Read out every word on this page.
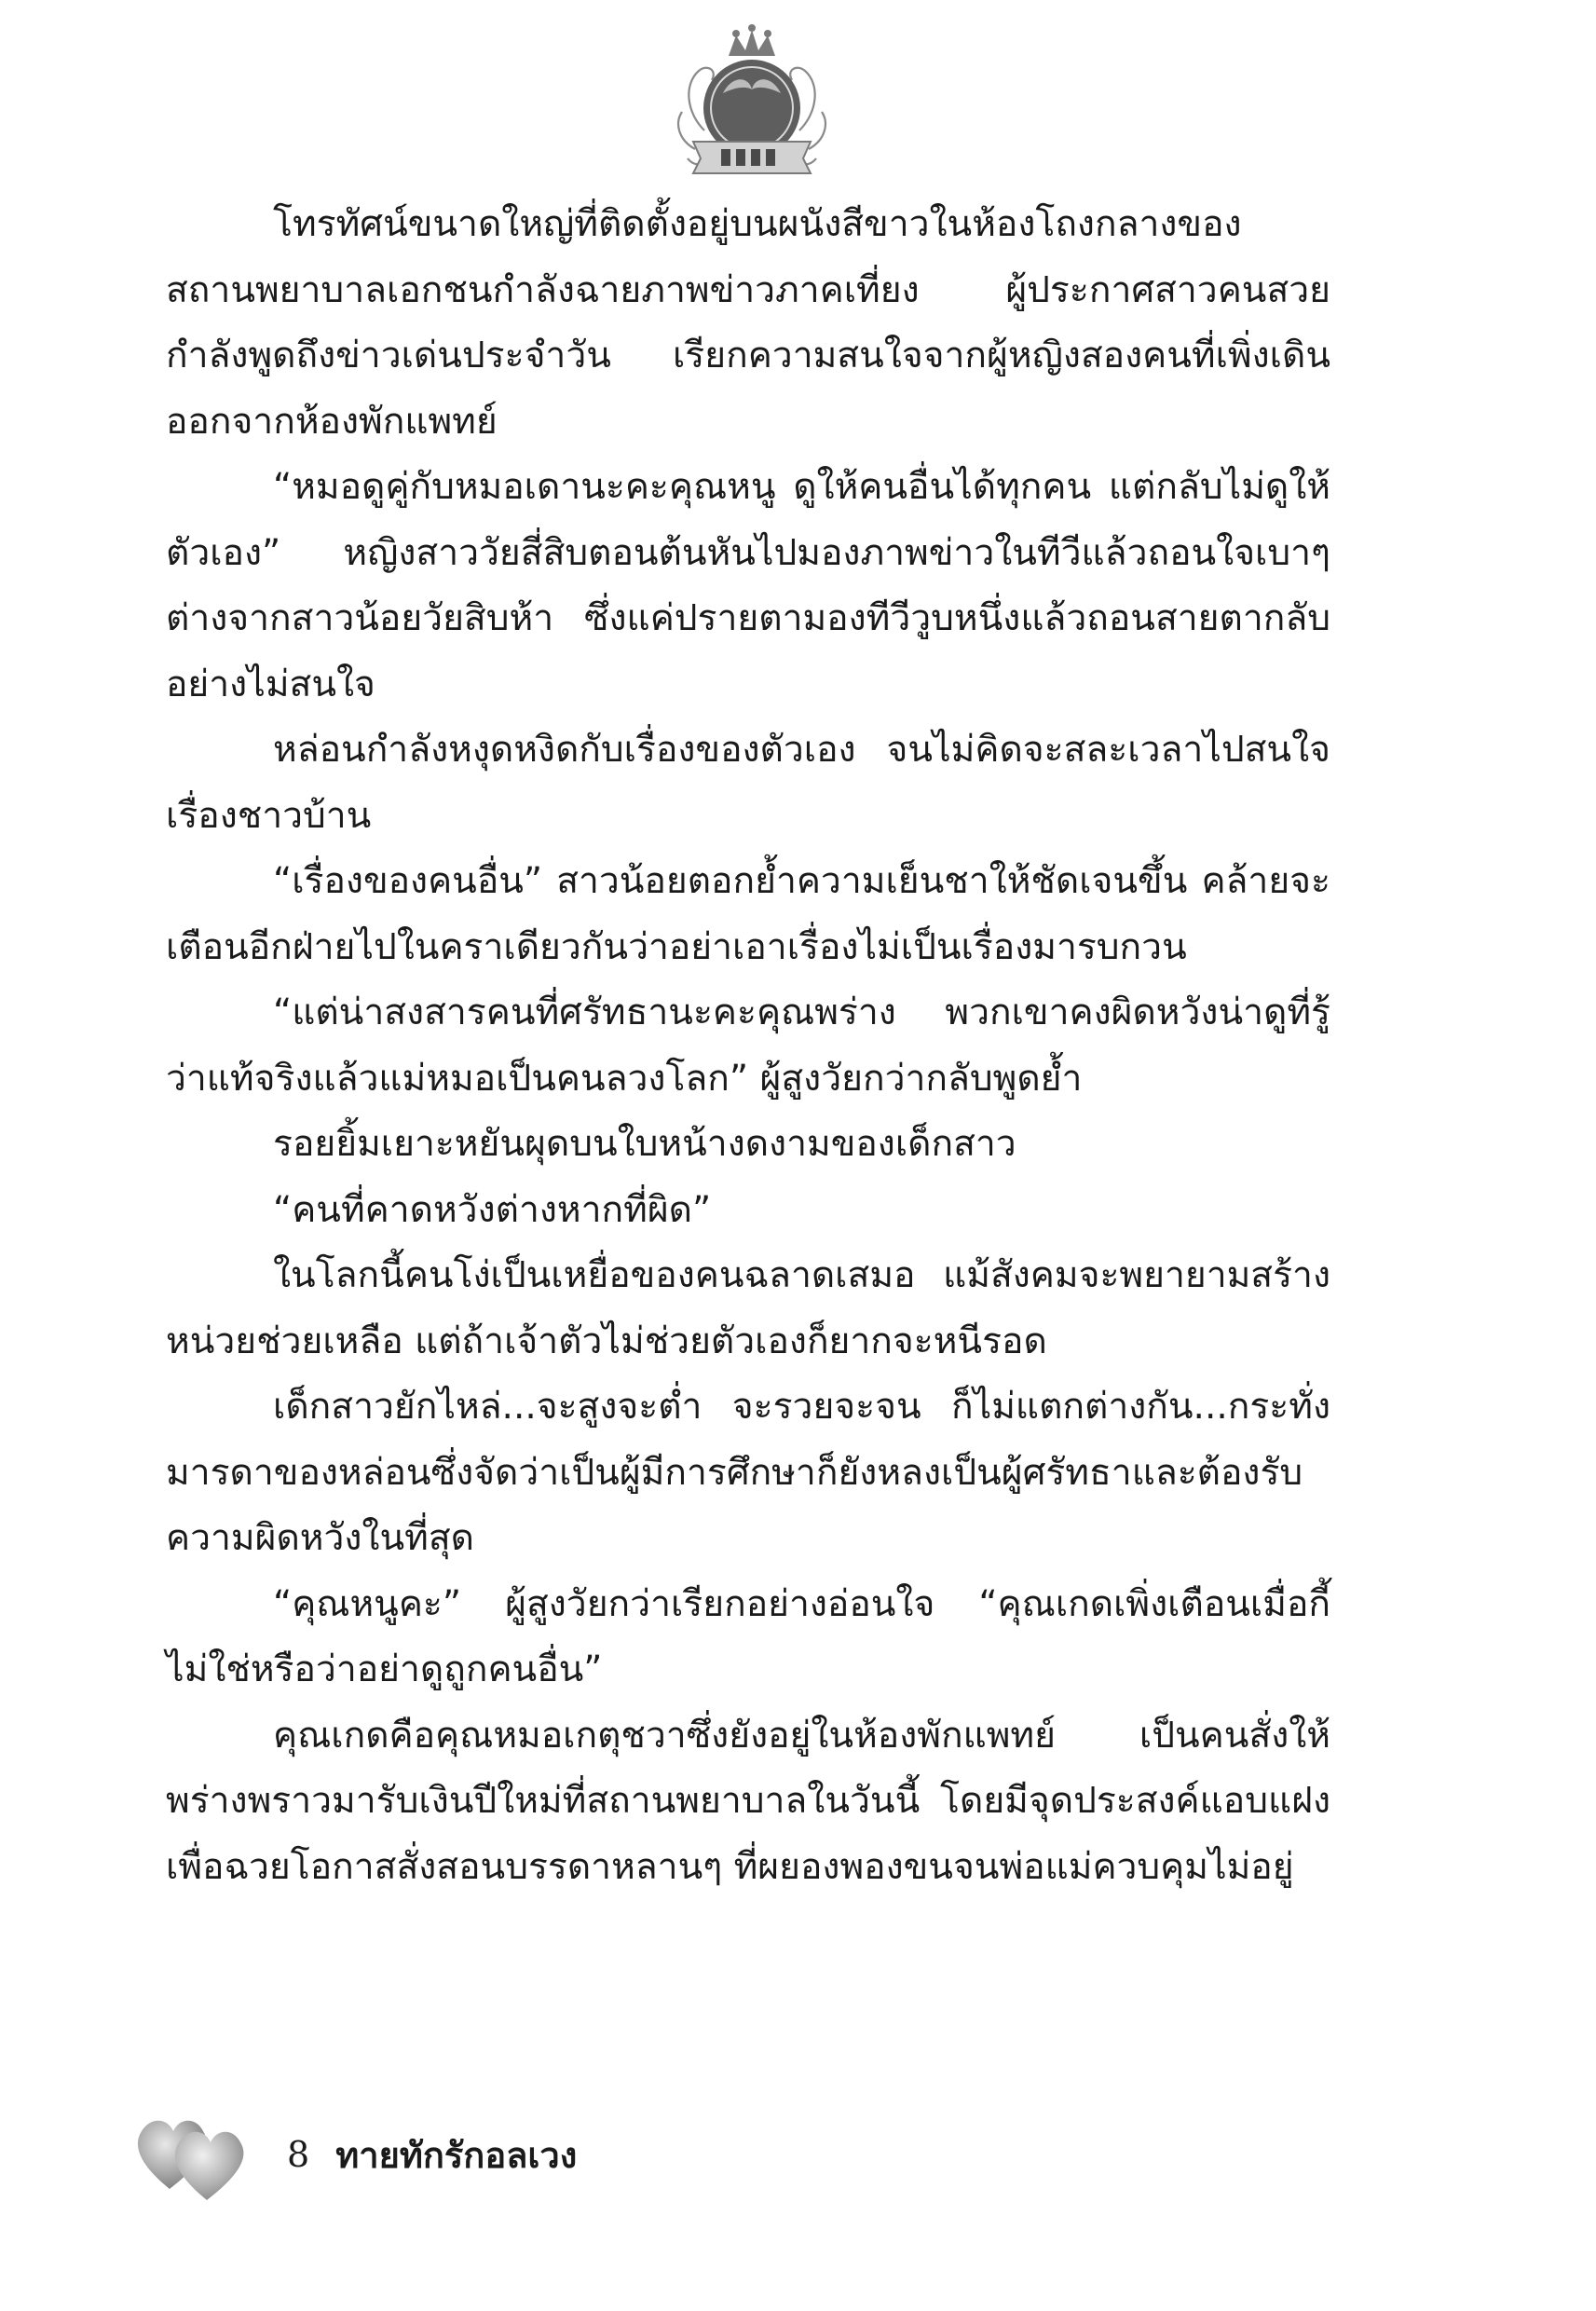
โทรทัศน์ขนาดใหญ่ที่ติดตั้งอยู่บนผนังสีขาวในห้องโถงกลางของสถานพยาบาลเอกชนกำลังฉายภาพข่าวภาคเที่ยง ผู้ประกาศสาวคนสวยกำลังพูดถึงข่าวเด่นประจำวัน เรียกความสนใจจากผู้หญิงสองคนที่เพิ่งเดินออกจากห้องพักแพทย์

“หมอดูคู่กับหมอเดานะคะคุณหนู ดูให้คนอื่นได้ทุกคน แต่กลับไม่ดูให้ตัวเอง” หญิงสาววัยสี่สิบตอนต้นหันไปมองภาพข่าวในทีวีแล้วถอนใจเบาๆ ต่างจากสาวน้อยวัยสิบห้า ซึ่งแค่ปรายตามองทีวีวูบหนึ่งแล้วถอนสายตากลับอย่างไม่สนใจ

หล่อนกำลังหงุดหงิดกับเรื่องของตัวเอง จนไม่คิดจะสละเวลาไปสนใจเรื่องชาวบ้าน

“เรื่องของคนอื่น” สาวน้อยตอกย้ำความเย็นชาให้ชัดเจนขึ้น คล้ายจะเตือนอีกฝ่ายไปในคราเดียวกันว่าอย่าเอาเรื่องไม่เป็นเรื่องมารบกวน

“แต่น่าสงสารคนที่ศรัทธานะคะคุณพร่าง พวกเขาคงผิดหวังน่าดูที่รู้ว่าแท้จริงแล้วแม่หมอเป็นคนลวงโลก” ผู้สูงวัยกว่ากลับพูดย้ำ

รอยยิ้มเยาะหยันผุดบนใบหน้างดงามของเด็กสาว

“คนที่คาดหวังต่างหากที่ผิด”

ในโลกนี้คนโง่เป็นเหยื่อของคนฉลาดเสมอ แม้สังคมจะพยายามสร้างหน่วยช่วยเหลือ แต่ถ้าเจ้าตัวไม่ช่วยตัวเองก็ยากจะหนีรอด

เด็กสาวยักไหล่...จะสูงจะต่ำ จะรวยจะจน ก็ไม่แตกต่างกัน...กระทั่งมารดาของหล่อนซึ่งจัดว่าเป็นผู้มีการศึกษาก็ยังหลงเป็นผู้ศรัทธาและต้องรับความผิดหวังในที่สุด

“คุณหนูคะ” ผู้สูงวัยกว่าเรียกอย่างอ่อนใจ “คุณเกดเพิ่งเตือนเมื่อกี้ไม่ใช่หรือว่าอย่าดูถูกคนอื่น”

คุณเกดคือคุณหมอเกตุชวาซึ่งยังอยู่ในห้องพักแพทย์ เป็นคนสั่งให้พร่างพราวมารับเงินปีใหม่ที่สถานพยาบาลในวันนี้ โดยมีจุดประสงค์แอบแฝงเพื่อฉวยโอกาสสั่งสอนบรรดาหลานๆ ที่ผยองพองขนจนพ่อแม่ควบคุมไม่อยู่

8 ทายทักรักอลเวง
